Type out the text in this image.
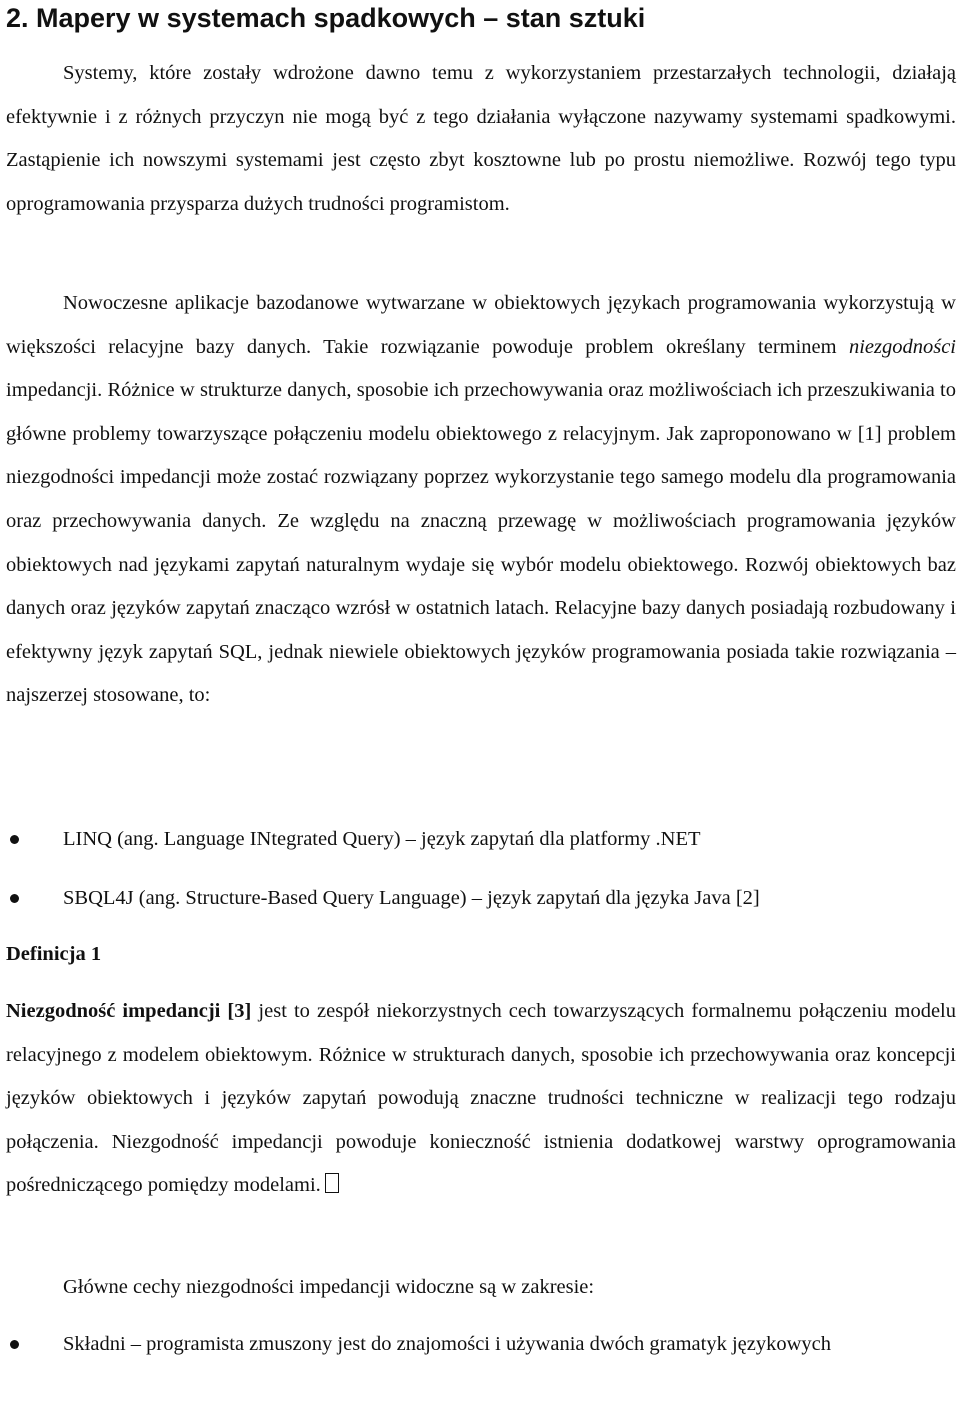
2. Mapery w systemach spadkowych – stan sztuki

Systemy, które zostały wdrożone dawno temu z wykorzystaniem przestarzałych technologii, działają efektywnie i z różnych przyczyn nie mogą być z tego działania wyłączone nazywamy systemami spadkowymi. Zastąpienie ich nowszymi systemami jest często zbyt kosztowne lub po prostu niemożliwe. Rozwój tego typu oprogramowania przysparza dużych trudności programistom.

Nowoczesne aplikacje bazodanowe wytwarzane w obiektowych językach programowania wykorzystują w większości relacyjne bazy danych. Takie rozwiązanie powoduje problem określany terminem niezgodności impedancji. Różnice w strukturze danych, sposobie ich przechowywania oraz możliwościach ich przeszukiwania to główne problemy towarzyszące połączeniu modelu obiektowego z relacyjnym. Jak zaproponowano w [1] problem niezgodności impedancji może zostać rozwiązany poprzez wykorzystanie tego samego modelu dla programowania oraz przechowywania danych. Ze względu na znaczną przewagę w możliwościach programowania języków obiektowych nad językami zapytań naturalnym wydaje się wybór modelu obiektowego. Rozwój obiektowych baz danych oraz języków zapytań znacząco wzrósł w ostatnich latach. Relacyjne bazy danych posiadają rozbudowany i efektywny język zapytań SQL, jednak niewiele obiektowych języków programowania posiada takie rozwiązania – najszerzej stosowane, to:

LINQ (ang. Language INtegrated Query) – język zapytań dla platformy .NET
SBQL4J (ang. Structure-Based Query Language) – język zapytań dla języka Java [2]
Definicja 1

Niezgodność impedancji [3] jest to zespół niekorzystnych cech towarzyszących formalnemu połączeniu modelu relacyjnego z modelem obiektowym. Różnice w strukturach danych, sposobie ich przechowywania oraz koncepcji języków obiektowych i języków zapytań powodują znaczne trudności techniczne w realizacji tego rodzaju połączenia. Niezgodność impedancji powoduje konieczność istnienia dodatkowej warstwy oprogramowania pośredniczącego pomiędzy modelami.

Główne cechy niezgodności impedancji widoczne są w zakresie:

Składni – programista zmuszony jest do znajomości i używania dwóch gramatyk językowych
